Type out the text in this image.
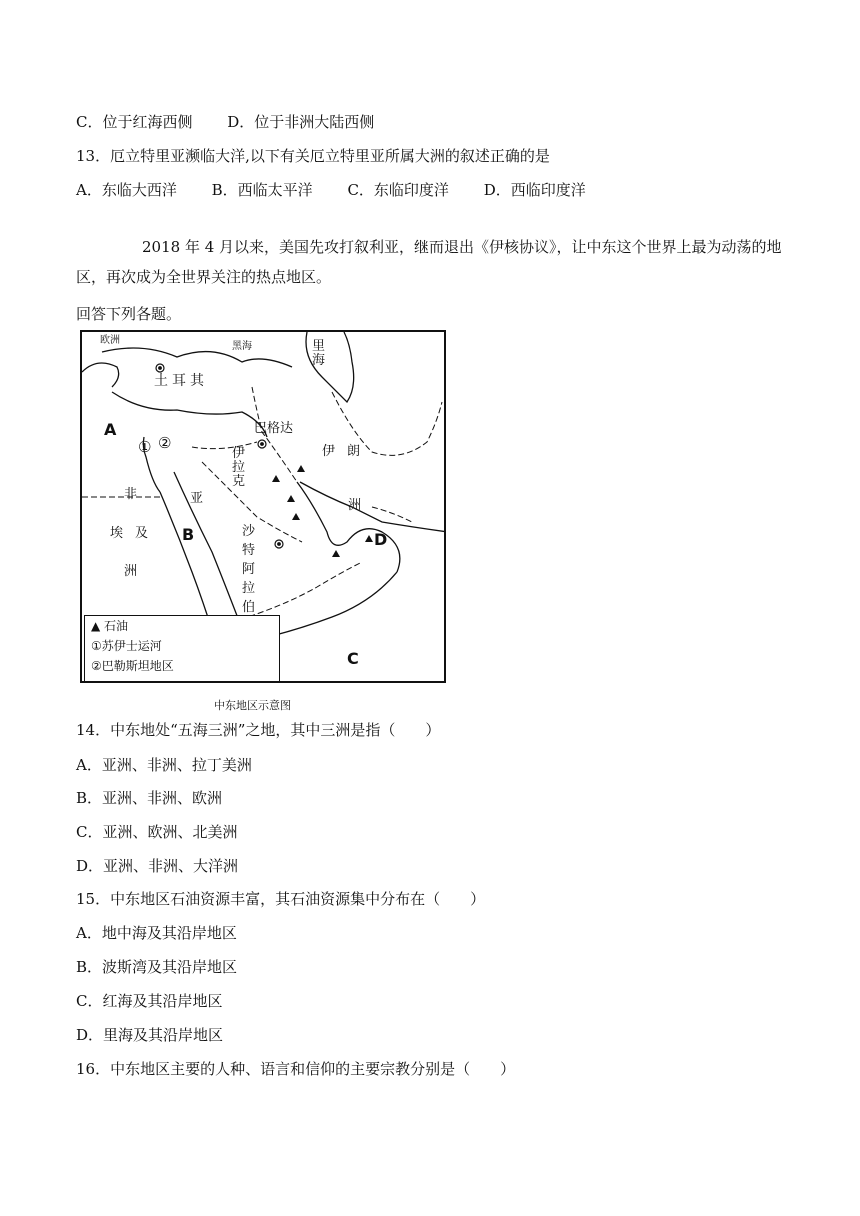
C．位于红海西侧 D．位于非洲大陆西侧
13．厄立特里亚濒临大洋,以下有关厄立特里亚所属大洲的叙述正确的是
A．东临大西洋 B．西临太平洋 C．东临印度洋 D．西临印度洋
2018 年 4 月以来，美国先攻打叙利亚，继而退出《伊核协议》，让中东这个世界上最为动荡的地区，再次成为全世界关注的热点地区。
回答下列各题。
欧洲
黑海	里海
土耳其
巴格达
伊拉克
伊朗
洲
亚
非
埃及
洲
沙特阿拉伯
A
B
C
D
① ②
▲ 石油
①苏伊士运河
②巴勒斯坦地区
中东地区示意图
14．中东地处“五海三洲”之地，其中三洲是指（　　）
A．亚洲、非洲、拉丁美洲
B．亚洲、非洲、欧洲
C．亚洲、欧洲、北美洲
D．亚洲、非洲、大洋洲
15．中东地区石油资源丰富，其石油资源集中分布在（　　）
A．地中海及其沿岸地区
B．波斯湾及其沿岸地区
C．红海及其沿岸地区
D．里海及其沿岸地区
16．中东地区主要的人种、语言和信仰的主要宗教分别是（　　）
